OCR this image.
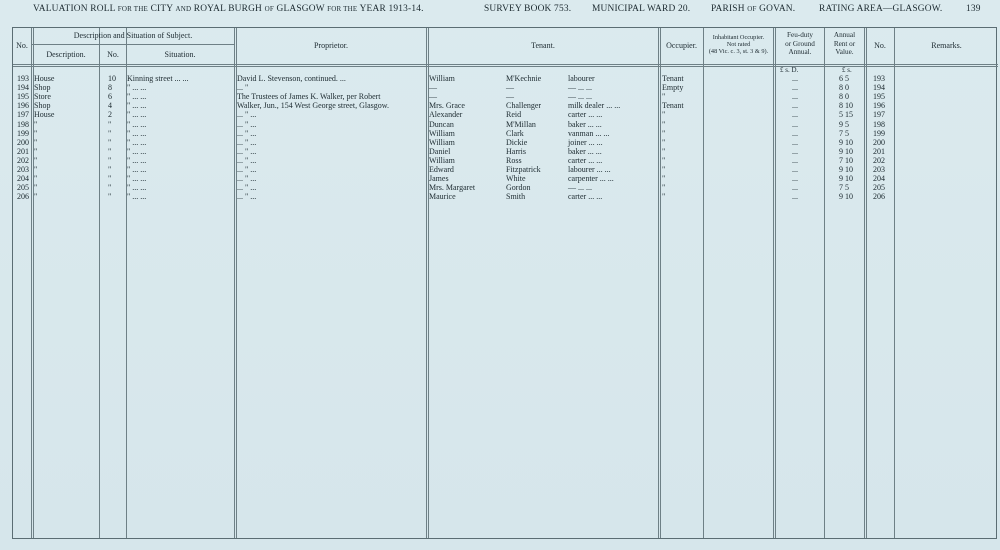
VALUATION ROLL FOR THE CITY AND ROYAL BURGH OF GLASGOW FOR THE YEAR 1913-14.	SURVEY BOOK 753. MUNICIPAL WARD 20. PARISH OF GOVAN.	RATING AREA—GLASGOW.	139
No.
Description and Situation of Subject.
Description.	No.	Situation.
Proprietor.	Tenant.	Occupier.
Inhabitant Occupier.
Not rated
(48 Vic. c. 3, st. 3 & 9).
Feu-duty
or Ground
Annual.
Annual
Rent or
Value.
No.	Remarks.
£ s. D.	£ s.
193 House	10 Kinning street ... ...	David L. Stevenson, continued. ...	William	M'Kechnie	labourer	Tenant	...	6 5	193
194 Shop	8 " ... ...	... "	—	—	— ... ...	Empty	...	8 0	194
195 Store	6 " ... ...	The Trustees of James K. Walker, per Robert	—	—	— ... ...	"	...	8 0	195
196 Shop	4 " ... ...	Walker, Jun., 154 West George street, Glasgow.	Mrs. Grace	Challenger	milk dealer ... ...	Tenant	...	8 10	196
197 House	2 " ... ...	... " ...	Alexander	Reid	carter ... ...	"	...	5 15	197
198 "	" " ... ...	... " ...	Duncan	M'Millan	baker ... ...	"	...	9 5	198
199 "	" " ... ...	... " ...	William	Clark	vanman ... ...	"	...	7 5	199
200 "	" " ... ...	... " ...	William	Dickie	joiner ... ...	"	...	9 10	200
201 "	" " ... ...	... " ...	Daniel	Harris	baker ... ...	"	...	9 10	201
202 "	" " ... ...	... " ...	William	Ross	carter ... ...	"	...	7 10	202
203 "	" " ... ...	... " ...	Edward	Fitzpatrick	labourer ... ...	"	...	9 10	203
204 "	" " ... ...	... " ...	James	White	carpenter ... ...	"	...	9 10	204
205 "	" " ... ...	... " ...	Mrs. Margaret	Gordon	— ... ...	"	...	7 5	205
206 "	" " ... ...	... " ...	Maurice	Smith	carter ... ...	"	...	9 10	206
